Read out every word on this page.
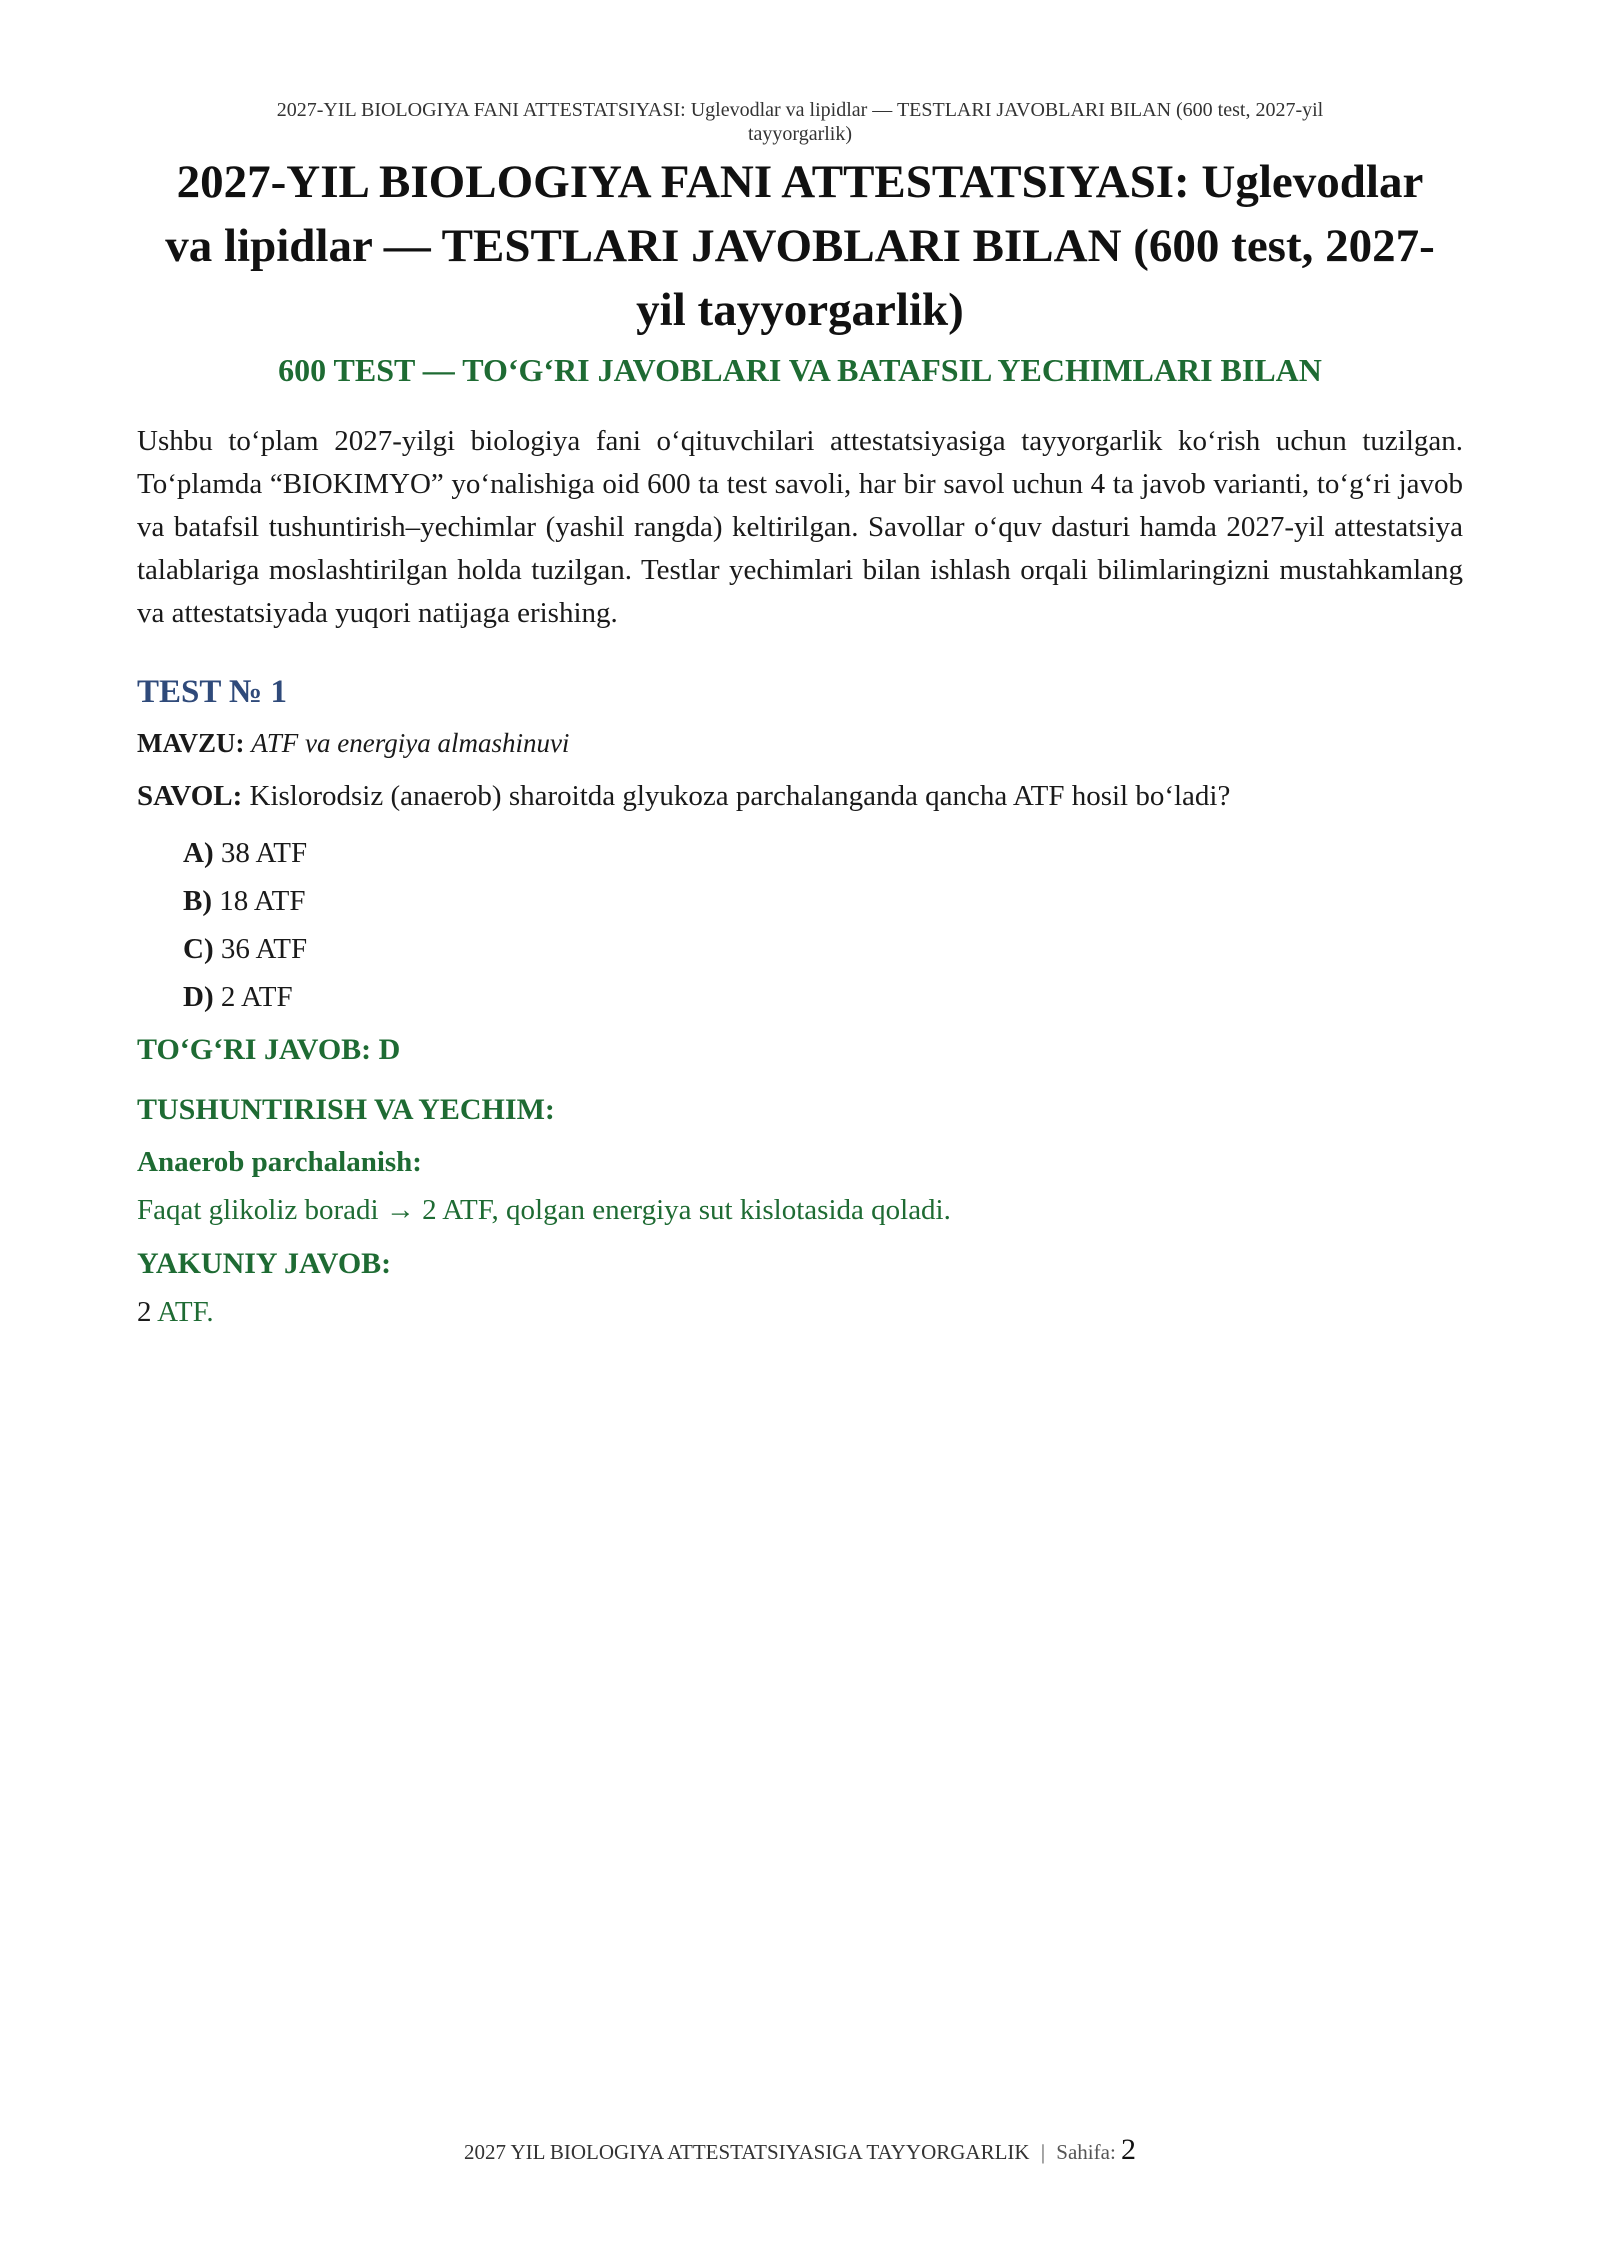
2027-YIL BIOLOGIYA FANI ATTESTATSIYASI: Uglevodlar va lipidlar — TESTLARI JAVOBLARI BILAN (600 test, 2027-yil
tayyorgarlik)
2027-YIL BIOLOGIYA FANI ATTESTATSIYASI: Uglevodlar
va lipidlar — TESTLARI JAVOBLARI BILAN (600 test, 2027-
yil tayyorgarlik)
600 TEST — TO‘G‘RI JAVOBLARI VA BATAFSIL YECHIMLARI BILAN
Ushbu to‘plam 2027-yilgi biologiya fani o‘qituvchilari attestatsiyasiga tayyorgarlik ko‘rish uchun tuzilgan. To‘plamda “BIOKIMYO” yo‘nalishiga oid 600 ta test savoli, har bir savol uchun 4 ta javob varianti, to‘g‘ri javob va batafsil tushuntirish–yechimlar (yashil rangda) keltirilgan. Savollar o‘quv dasturi hamda 2027-yil attestatsiya talablariga moslashtirilgan holda tuzilgan. Testlar yechimlari bilan ishlash orqali bilimlaringizni mustahkamlang va attestatsiyada yuqori natijaga erishing.
TEST № 1
MAVZU: ATF va energiya almashinuvi
SAVOL: Kislorodsiz (anaerob) sharoitda glyukoza parchalanganda qancha ATF hosil bo‘ladi?
A) 38 ATF
B) 18 ATF
C) 36 ATF
D) 2 ATF
TO‘G‘RI JAVOB: D
TUSHUNTIRISH VA YECHIM:
Anaerob parchalanish:
Faqat glikoliz boradi → 2 ATF, qolgan energiya sut kislotasida qoladi.
YAKUNIY JAVOB:
2 ATF.
2027 YIL BIOLOGIYA ATTESTATSIYASIGA TAYYORGARLIK | Sahifa: 2
